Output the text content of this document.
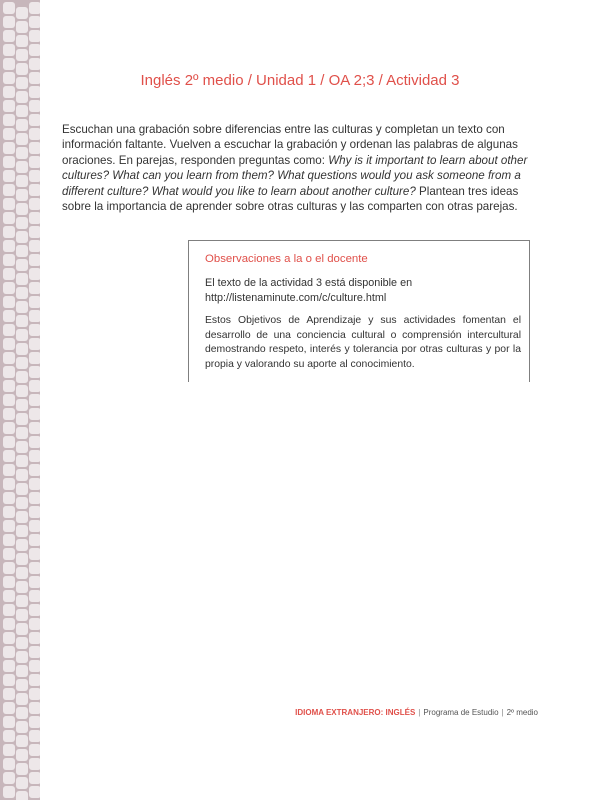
Inglés 2º medio / Unidad 1 / OA 2;3 / Actividad 3
Escuchan una grabación sobre diferencias entre las culturas y completan un texto con información faltante. Vuelven a escuchar la grabación y ordenan las palabras de algunas oraciones. En parejas, responden preguntas como: Why is it important to learn about other cultures? What can you learn from them? What questions would you ask someone from a different culture? What would you like to learn about another culture? Plantean tres ideas sobre la importancia de aprender sobre otras culturas y las comparten con otras parejas.
Observaciones a la o el docente
El texto de la actividad 3 está disponible en
http://listenaminute.com/c/culture.html
Estos Objetivos de Aprendizaje y sus actividades fomentan el desarrollo de una conciencia cultural o comprensión intercultural demostrando respeto, interés y tolerancia por otras culturas y por la propia y valorando su aporte al conocimiento.
IDIOMA EXTRANJERO: INGLÉS | Programa de Estudio | 2º medio
